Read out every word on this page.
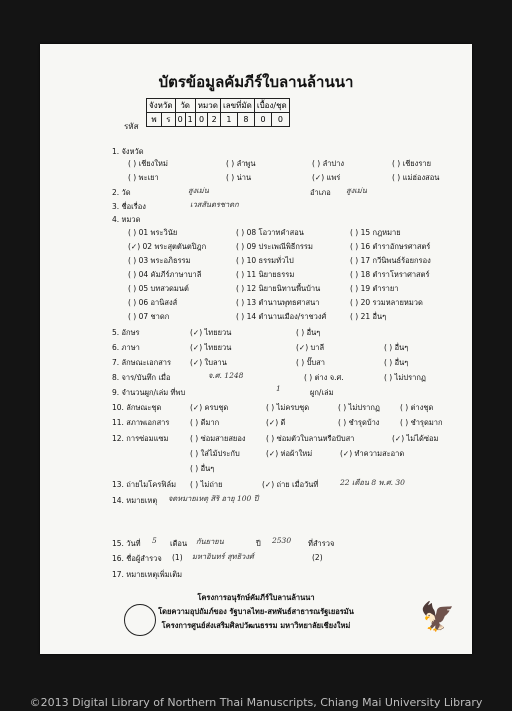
บัตรข้อมูลคัมภีร์ใบลานล้านนา
จังหวัด		วัด		หมวด		เลขที่มัด		เบื้อง/ชุด	
พ	ร	0	1	0	2	1	8	0	0
รหัส
1. จังหวัด
( ) เชียงใหม่	( ) ลำพูน	( ) ลำปาง	( ) เชียงราย
( ) พะเยา	( ) น่าน	(✓) แพร่	( ) แม่ฮ่องสอน
2. วัด	สูงเม่น	อำเภอ สูงเม่น
3. ชื่อเรื่อง	เวสสันดรชาดก
4. หมวด
( ) 01 พระวินัย
(✓) 02 พระสุตตันตปิฎก
( ) 03 พระอภิธรรม
( ) 04 คัมภีร์ภาษาบาลี
( ) 05 บทสวดมนต์
( ) 06 อานิสงส์
( ) 07 ชาดก
( ) 08 โอวาทคำสอน
( ) 09 ประเพณีพิธีกรรม
( ) 10 ธรรมทั่วไป
( ) 11 นิยายธรรม
( ) 12 นิยายนิทานพื้นบ้าน
( ) 13 ตำนานพุทธศาสนา
( ) 14 ตำนานเมือง/ราชวงศ์
( ) 15 กฎหมาย
( ) 16 ตำราอักษรศาสตร์
( ) 17 กวีนิพนธ์ร้อยกรอง
( ) 18 ตำราโหราศาสตร์
( ) 19 ตำรายา
( ) 20 รวมหลายหมวด
( ) 21 อื่นๆ
5. อักษร	(✓) ไทยยวน	( ) อื่นๆ
6. ภาษา	(✓) ไทยยวน	(✓) บาลี	( ) อื่นๆ
7. ลักษณะเอกสาร	(✓) ใบลาน	( ) ปั๊บสา	( ) อื่นๆ
8. จาร/บันทึก เมื่อ	จ.ศ. 1248	( ) ต่าง จ.ศ.	( ) ไม่ปรากฏ
9. จำนวนผูก/เล่ม ที่พบ	1	ผูก/เล่ม
10. ลักษณะชุด	(✓) ครบชุด	( ) ไม่ครบชุด	( ) ไม่ปรากฏ	( ) ต่างชุด
11. สภาพเอกสาร	( ) ดีมาก	(✓) ดี	( ) ชำรุดบ้าง	( ) ชำรุดมาก
12. การซ่อมแซม	( ) ซ่อมสายสยอง	( ) ซ่อมตัวใบลานหรือปับสา	(✓) ไม่ได้ซ่อม
( ) ใส่ไม้ประกับ	(✓) ห่อผ้าใหม่	(✓) ทำความสะอาด
( ) อื่นๆ
13. ถ่ายไมโครฟิล์ม ( ) ไม่ถ่าย	(✓) ถ่าย เมื่อวันที่	22 เดือน 8 พ.ศ. 30
14. หมายเหตุ จดหมายเหตุ สิริ อายุ 100 ปี
15. วันที่ 5 เดือน กันยายน	ปี 2530 ที่สำรวจ
16. ชื่อผู้สำรวจ (1) มหาอินทร์ สุทธิวงศ์	(2)
17. หมายเหตุเพิ่มเติม
โครงการอนุรักษ์คัมภีร์ใบลานล้านนา
โดยความอุปถัมภ์ของ รัฐบาลไทย-สหพันธ์สาธารณรัฐเยอรมัน
โครงการศูนย์ส่งเสริมศิลปวัฒนธรรม มหาวิทยาลัยเชียงใหม่	🦅
©2013 Digital Library of Northern Thai Manuscripts, Chiang Mai University Library
